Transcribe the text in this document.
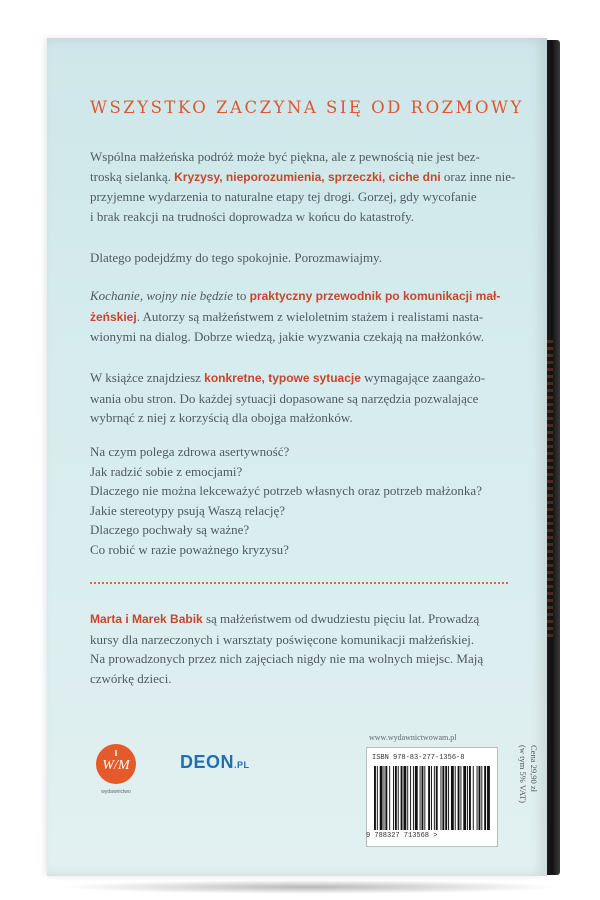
WSZYSTKO ZACZYNA SIĘ OD ROZMOWY
Wspólna małżeńska podróż może być piękna, ale z pewnością nie jest bez-
troską sielanką. Kryzysy, nieporozumienia, sprzeczki, ciche dni oraz inne nie-
przyjemne wydarzenia to naturalne etapy tej drogi. Gorzej, gdy wycofanie
i brak reakcji na trudności doprowadza w końcu do katastrofy.
Dlatego podejdźmy do tego spokojnie. Porozmawiajmy.
Kochanie, wojny nie będzie to praktyczny przewodnik po komunikacji mał-
żeńskiej. Autorzy są małżeństwem z wieloletnim stażem i realistami nasta-
wionymi na dialog. Dobrze wiedzą, jakie wyzwania czekają na małżonków.
W książce znajdziesz konkretne, typowe sytuacje wymagające zaangażo-
wania obu stron. Do każdej sytuacji dopasowane są narzędzia pozwalające
wybrnąć z niej z korzyścią dla obojga małżonków.
Na czym polega zdrowa asertywność?
Jak radzić sobie z emocjami?
Dlaczego nie można lekceważyć potrzeb własnych oraz potrzeb małżonka?
Jakie stereotypy psują Waszą relację?
Dlaczego pochwały są ważne?
Co robić w razie poważnego kryzysu?
Marta i Marek Babik są małżeństwem od dwudziestu pięciu lat. Prowadzą
kursy dla narzeczonych i warsztaty poświęcone komunikacji małżeńskiej.
Na prowadzonych przez nich zajęciach nigdy nie ma wolnych miejsc. Mają
czwórkę dzieci.
W/M
wydawnictwo
DEON.PL
www.wydawnictwowam.pl
ISBN 978-83-277-1356-8
9 788327 713568 >
Cena 29,90 zł
(w tym 5% VAT)
